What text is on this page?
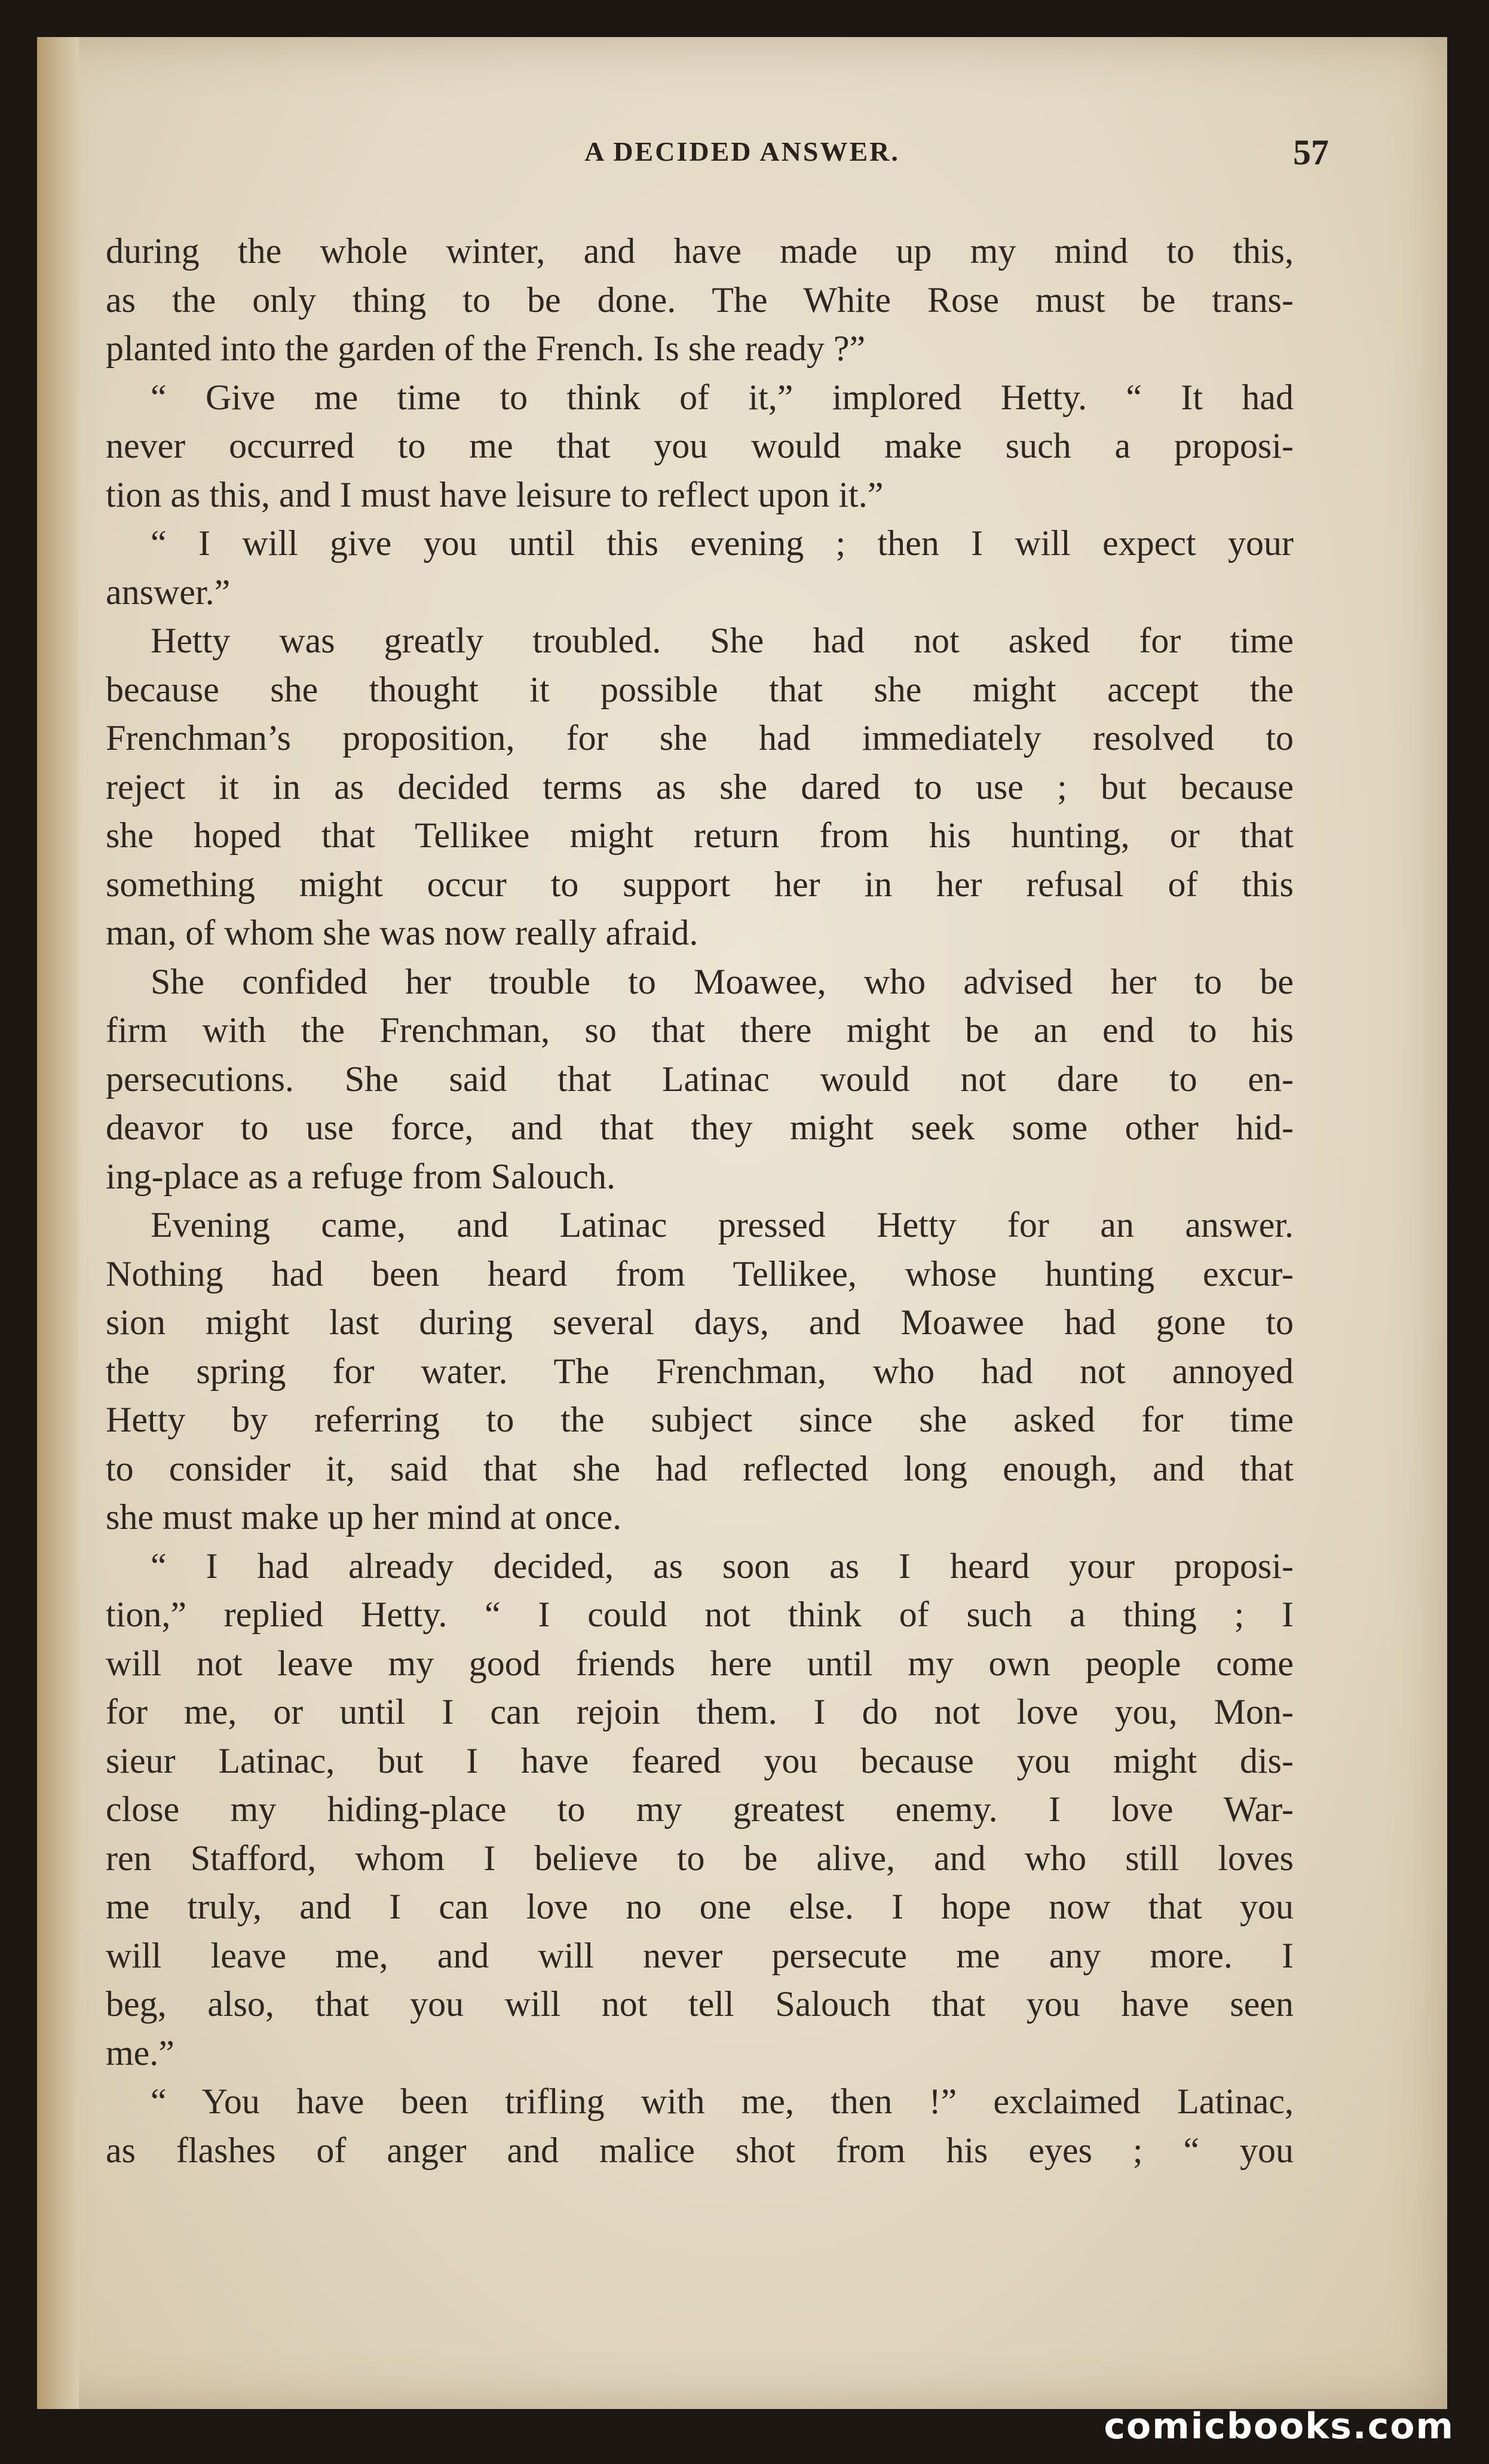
A DECIDED ANSWER.	57
during the whole winter, and have made up my mind to this,
as the only thing to be done. The White Rose must be trans-
planted into the garden of the French. Is she ready ?”
“ Give me time to think of it,” implored Hetty. “ It had
never occurred to me that you would make such a proposi-
tion as this, and I must have leisure to reflect upon it.”
“ I will give you until this evening ; then I will expect your
answer.”
Hetty was greatly troubled. She had not asked for time
because she thought it possible that she might accept the
Frenchman’s proposition, for she had immediately resolved to
reject it in as decided terms as she dared to use ; but because
she hoped that Tellikee might return from his hunting, or that
something might occur to support her in her refusal of this
man, of whom she was now really afraid.
She confided her trouble to Moawee, who advised her to be
firm with the Frenchman, so that there might be an end to his
persecutions. She said that Latinac would not dare to en-
deavor to use force, and that they might seek some other hid-
ing-place as a refuge from Salouch.
Evening came, and Latinac pressed Hetty for an answer.
Nothing had been heard from Tellikee, whose hunting excur-
sion might last during several days, and Moawee had gone to
the spring for water. The Frenchman, who had not annoyed
Hetty by referring to the subject since she asked for time
to consider it, said that she had reflected long enough, and that
she must make up her mind at once.
“ I had already decided, as soon as I heard your proposi-
tion,” replied Hetty. “ I could not think of such a thing ; I
will not leave my good friends here until my own people come
for me, or until I can rejoin them. I do not love you, Mon-
sieur Latinac, but I have feared you because you might dis-
close my hiding-place to my greatest enemy. I love War-
ren Stafford, whom I believe to be alive, and who still loves
me truly, and I can love no one else. I hope now that you
will leave me, and will never persecute me any more. I
beg, also, that you will not tell Salouch that you have seen
me.”
“ You have been trifling with me, then !” exclaimed Latinac,
as flashes of anger and malice shot from his eyes ; “ you
comicbooks.com
